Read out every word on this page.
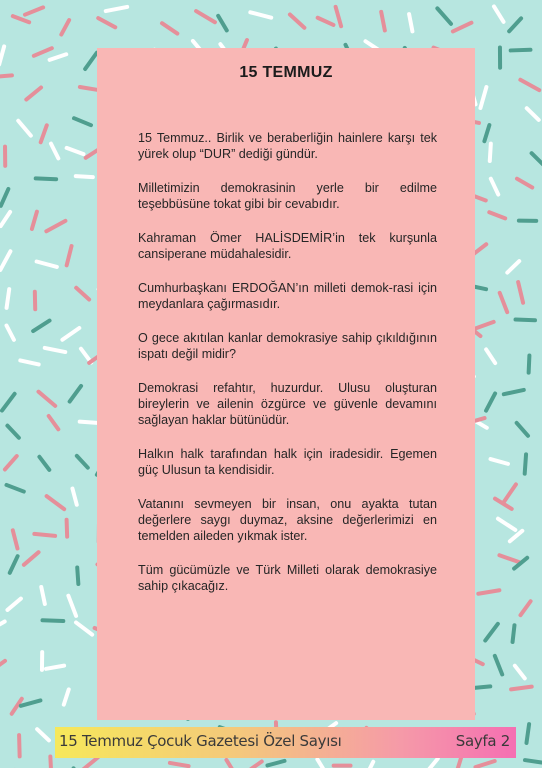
15 TEMMUZ

15 Temmuz.. Birlik ve beraberliğin hainlere karşı tek yürek olup “DUR” dediği gündür.

Milletimizin demokrasinin yerle bir edilme teşebbüsüne tokat gibi bir cevabıdır.

Kahraman Ömer HALİSDEMİR’in tek kurşunla cansiperane müdahalesidir.

Cumhurbaşkanı ERDOĞAN’ın milleti demok-rasi için meydanlara çağırmasıdır.

O gece akıtılan kanlar demokrasiye sahip çıkıldığının ispatı değil midir?

Demokrasi refahtır, huzurdur. Ulusu oluşturan bireylerin ve ailenin özgürce ve güvenle devamını sağlayan haklar bütünüdür.

Halkın halk tarafından halk için iradesidir. Egemen güç Ulusun ta kendisidir.

Vatanını sevmeyen bir insan, onu ayakta tutan değerlere saygı duymaz, aksine değerlerimizi en temelden aileden yıkmak ister.

Tüm gücümüzle ve Türk Milleti olarak demokrasiye sahip çıkacağız.

15 Temmuz Çocuk Gazetesi Özel Sayısı	Sayfa 2
